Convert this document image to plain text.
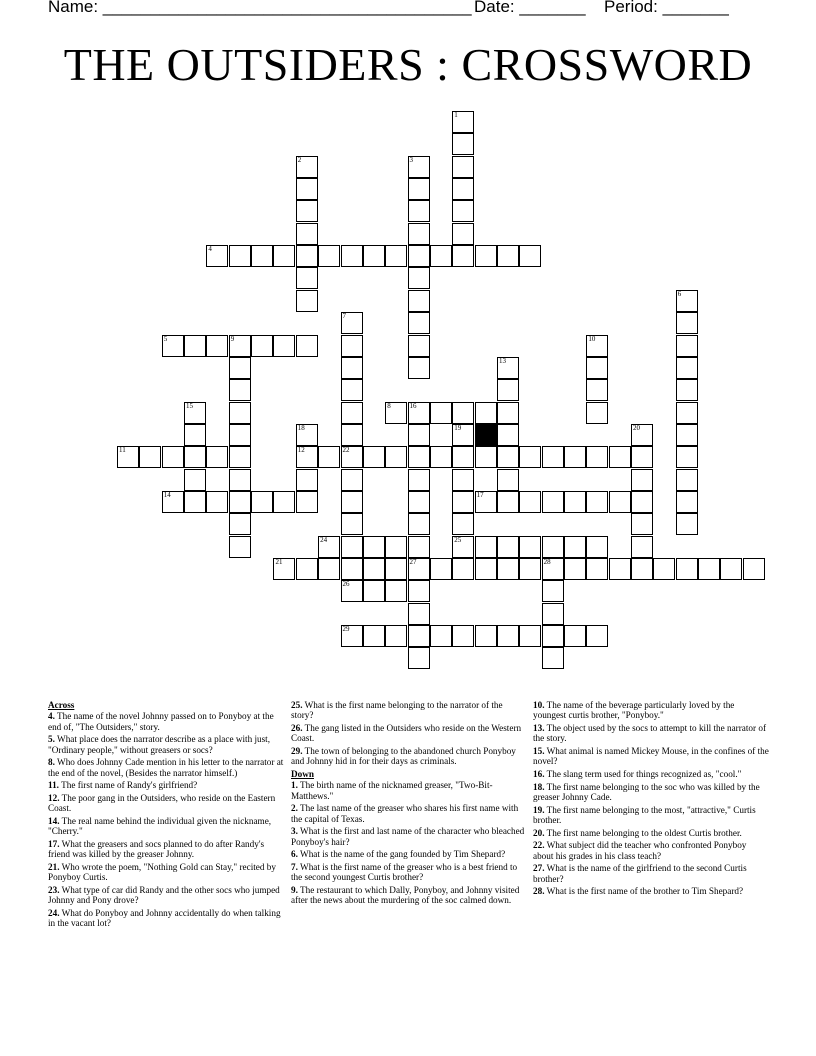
Name: _______________________________________ Date: _______ Period: _______
THE OUTSIDERS : CROSSWORD
4
5	9
8	16
11	12	22
14	17
21	27	28
24	25
26
29
1
2	3
6
7
10
13
15
18	19	20
Across
4. The name of the novel Johnny passed on to Ponyboy at the end of, "The Outsiders," story.
5. What place does the narrator describe as a place with just, "Ordinary people," without greasers or socs?
8. Who does Johnny Cade mention in his letter to the narrator at the end of the novel, (Besides the narrator himself.)
11. The first name of Randy's girlfriend?
12. The poor gang in the Outsiders, who reside on the Eastern Coast.
14. The real name behind the individual given the nickname, "Cherry."
17. What the greasers and socs planned to do after Randy's friend was killed by the greaser Johnny.
21. Who wrote the poem, "Nothing Gold can Stay," recited by Ponyboy Curtis.
23. What type of car did Randy and the other socs who jumped Johnny and Pony drove?
24. What do Ponyboy and Johnny accidentally do when talking in the vacant lot?
25. What is the first name belonging to the narrator of the story?
26. The gang listed in the Outsiders who reside on the Western Coast.
29. The town of belonging to the abandoned church Ponyboy and Johnny hid in for their days as criminals.
Down
1. The birth name of the nicknamed greaser, "Two-Bit-Matthews."
2. The last name of the greaser who shares his first name with the capital of Texas.
3. What is the first and last name of the character who bleached Ponyboy's hair?
6. What is the name of the gang founded by Tim Shepard?
7. What is the first name of the greaser who is a best friend to the second youngest Curtis brother?
9. The restaurant to which Dally, Ponyboy, and Johnny visited after the news about the murdering of the soc calmed down.
10. The name of the beverage particularly loved by the youngest curtis brother, "Ponyboy."
13. The object used by the socs to attempt to kill the narrator of the story.
15. What animal is named Mickey Mouse, in the confines of the novel?
16. The slang term used for things recognized as, "cool."
18. The first name belonging to the soc who was killed by the greaser Johnny Cade.
19. The first name belonging to the most, "attractive," Curtis brother.
20. The first name belonging to the oldest Curtis brother.
22. What subject did the teacher who confronted Ponyboy about his grades in his class teach?
27. What is the name of the girlfriend to the second Curtis brother?
28. What is the first name of the brother to Tim Shepard?
